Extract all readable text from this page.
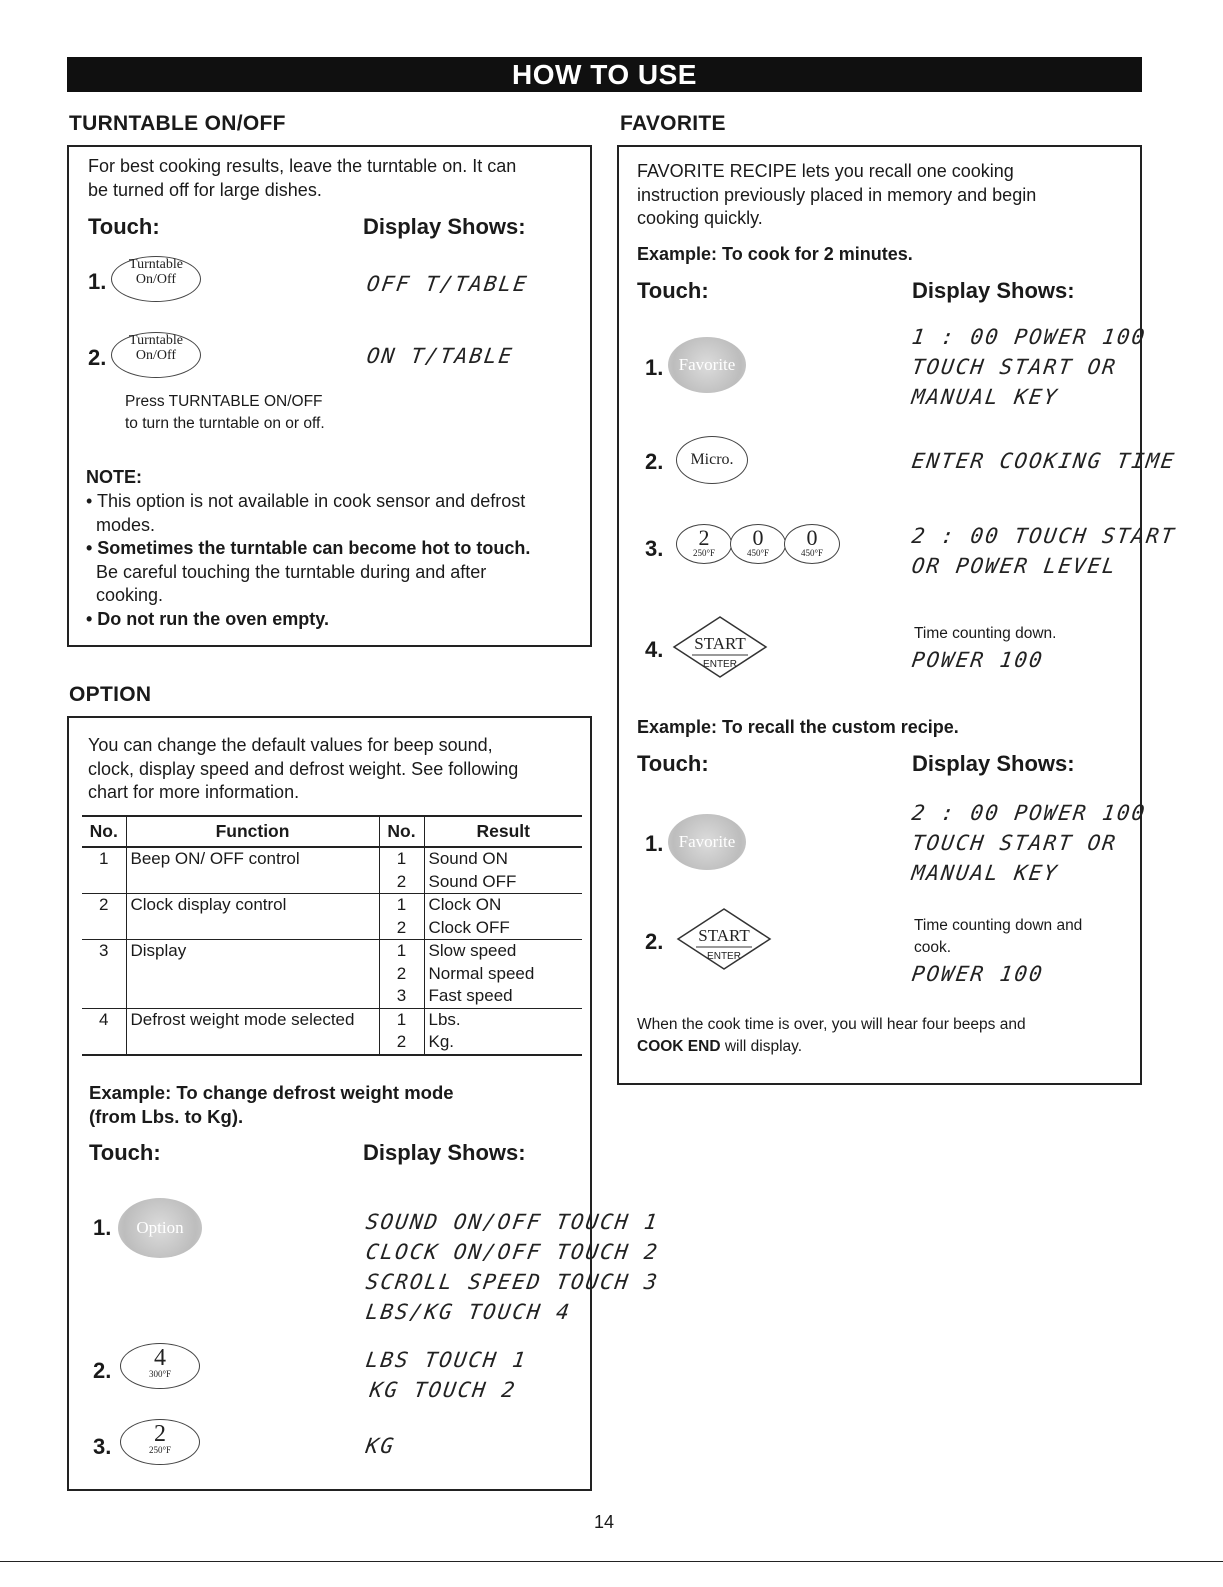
HOW TO USE
TURNTABLE ON/OFF
For best cooking results, leave the turntable on. It can
be turned off for large dishes.
Touch:	Display Shows:
1.
Turntable
On/Off	OFF T/TABLE
2.
Turntable
On/Off	ON T/TABLE
Press TURNTABLE ON/OFF
to turn the turntable on or off.
NOTE:
• This option is not available in cook sensor and defrost
modes.
• Sometimes the turntable can become hot to touch.
Be careful touching the turntable during and after
cooking.
• Do not run the oven empty.
OPTION
You can change the default values for beep sound,
clock, display speed and defrost weight. See following
chart for more information.
No.	Function	No.	Result
1	Beep ON/ OFF control	1	Sound ON
		2	Sound OFF
2	Clock display control	1	Clock ON
		2	Clock OFF
3	Display	1	Slow speed
		2	Normal speed
		3	Fast speed
4	Defrost weight mode selected	1	Lbs.
		2	Kg.
Example: To change defrost weight mode
(from Lbs. to Kg).
Touch:	Display Shows:
1.	Option	SOUND ON/OFF TOUCH 1
CLOCK ON/OFF TOUCH 2
SCROLL SPEED TOUCH 3
LBS/KG TOUCH 4
2.	4
300°F
LBS TOUCH 1
KG TOUCH 2
3.	2
250°F	KG
FAVORITE
FAVORITE RECIPE lets you recall one cooking
instruction previously placed in memory and begin
cooking quickly.
Example: To cook for 2 minutes.
Touch:	Display Shows:
1. Favorite
1 : 00 POWER 100
TOUCH START OR
MANUAL KEY
2.	Micro.	ENTER COOKING TIME
3.	2
250°F
0
450°F
0
450°F
2 : 00 TOUCH START
OR POWER LEVEL
4. START
ENTER
Time counting down.
POWER 100
Example: To recall the custom recipe.
Touch:	Display Shows:
1. Favorite
2 : 00 POWER 100
TOUCH START OR
MANUAL KEY
2. START
ENTER
Time counting down and
cook.
POWER 100
When the cook time is over, you will hear four beeps and
COOK END will display.
14
